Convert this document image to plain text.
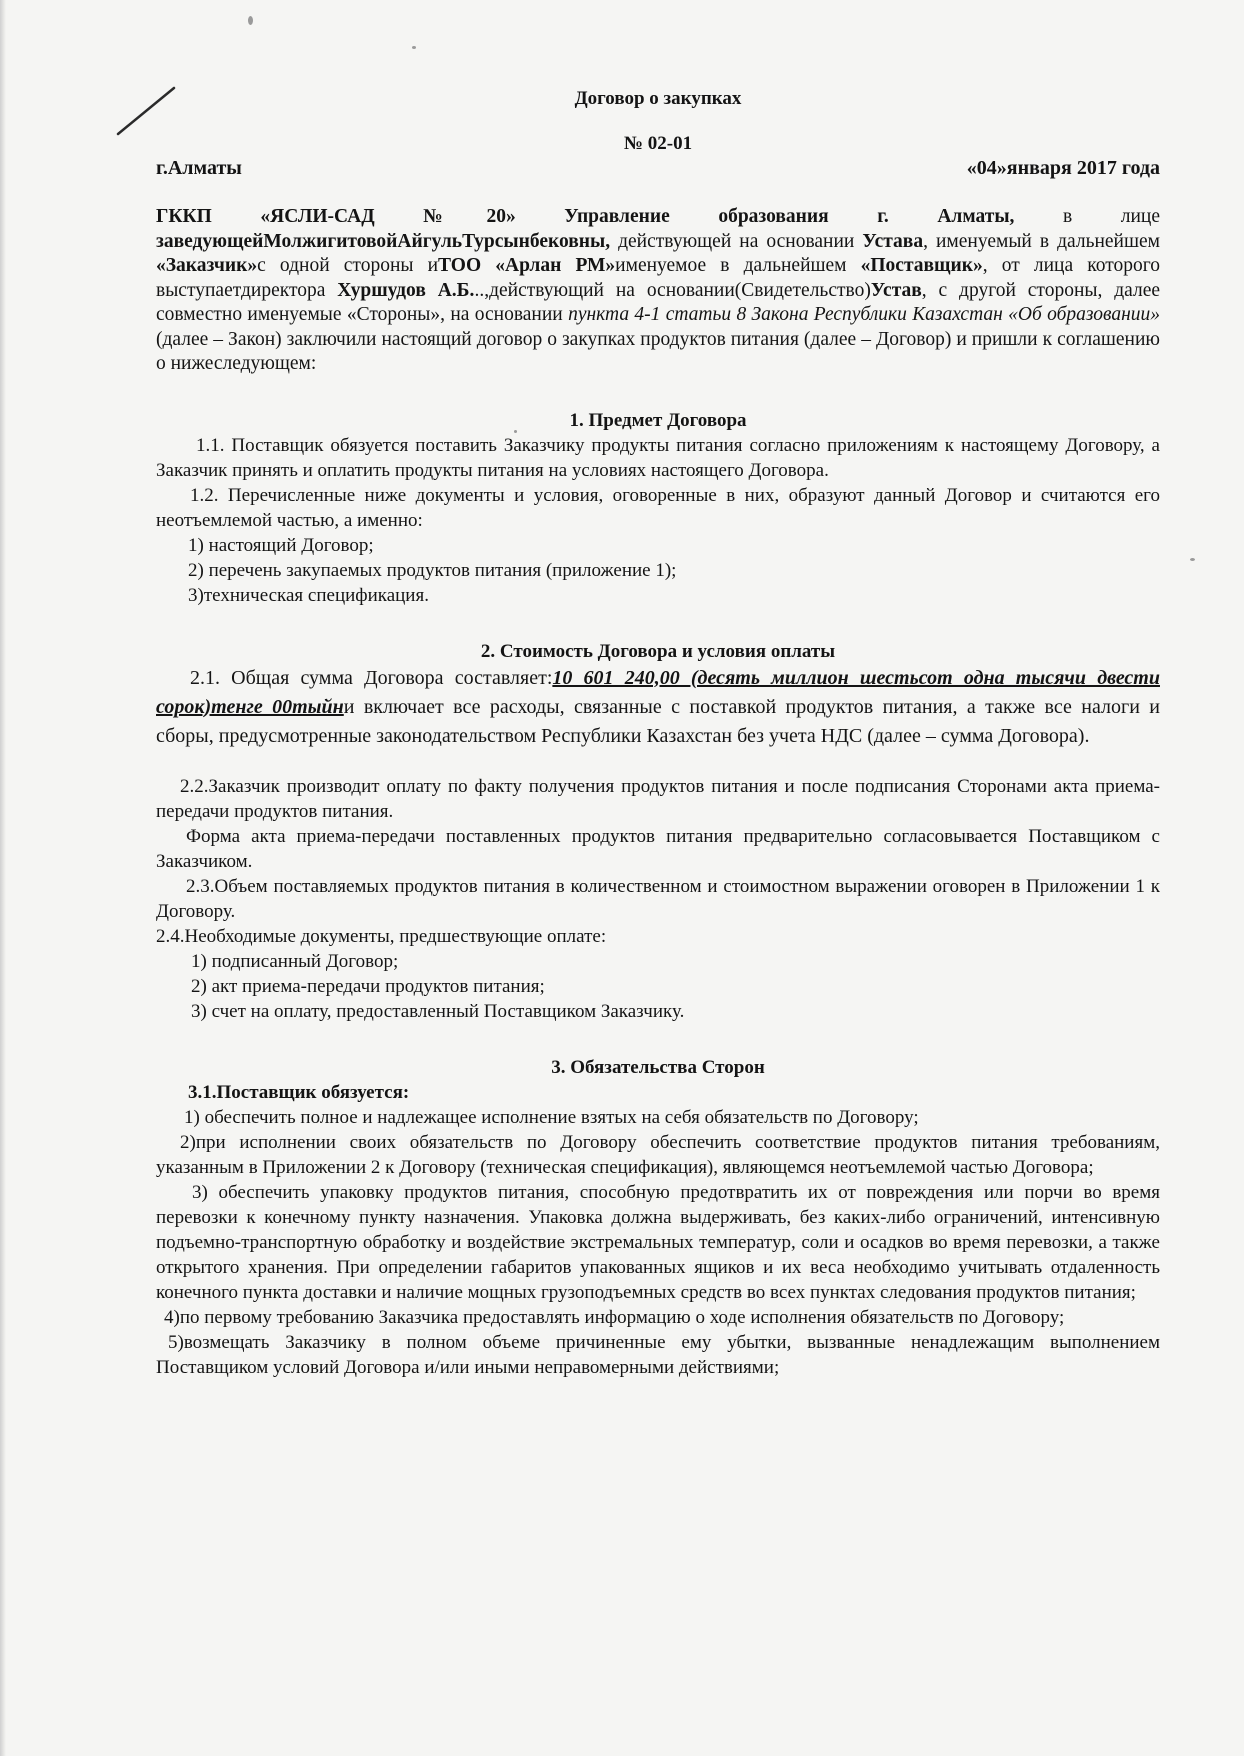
Договор о закупках
№ 02-01
г.Алматы	«04»января 2017 года

ГККП «ЯСЛИ-САД №20» Управление образования г. Алматы, в лице заведующейМолжигитовойАйгульТурсынбековны, действующей на основании Устава, именуемый в дальнейшем «Заказчик»с одной стороны иТОО «Арлан РМ»именуемое в дальнейшем «Поставщик», от лица которого выступаетдиректора Хуршудов А.Б...,действующий на основании(Свидетельство)Устав, с другой стороны, далее совместно именуемые «Стороны», на основании пункта 4-1 статьи 8 Закона Республики Казахстан «Об образовании» (далее – Закон) заключили настоящий договор о закупках продуктов питания (далее – Договор) и пришли к соглашению о нижеследующем:

1. Предмет Договора

1.1. Поставщик обязуется поставить Заказчику продукты питания согласно приложениям к настоящему Договору, а Заказчик принять и оплатить продукты питания на условиях настоящего Договора.

1.2. Перечисленные ниже документы и условия, оговоренные в них, образуют данный Договор и считаются его неотъемлемой частью, а именно:

1) настоящий Договор;

2) перечень закупаемых продуктов питания (приложение 1);

3)техническая спецификация.

2. Стоимость Договора и условия оплаты

2.1. Общая сумма Договора составляет:10 601 240,00 (десять миллион шестьсот одна тысячи двести сорок)тенге 00тыйни включает все расходы, связанные с поставкой продуктов питания, а также все налоги и сборы, предусмотренные законодательством Республики Казахстан без учета НДС (далее – сумма Договора).

2.2.Заказчик производит оплату по факту получения продуктов питания и после подписания Сторонами акта приема-передачи продуктов питания.

Форма акта приема-передачи поставленных продуктов питания предварительно согласовывается Поставщиком с Заказчиком.

2.3.Объем поставляемых продуктов питания в количественном и стоимостном выражении оговорен в Приложении 1 к Договору.

2.4.Необходимые документы, предшествующие оплате:

1) подписанный Договор;

2) акт приема-передачи продуктов питания;

3) счет на оплату, предоставленный Поставщиком Заказчику.

3. Обязательства Сторон

3.1.Поставщик обязуется:

1) обеспечить полное и надлежащее исполнение взятых на себя обязательств по Договору;

2)при исполнении своих обязательств по Договору обеспечить соответствие продуктов питания требованиям, указанным в Приложении 2 к Договору (техническая спецификация), являющемся неотъемлемой частью Договора;

3) обеспечить упаковку продуктов питания, способную предотвратить их от повреждения или порчи во время перевозки к конечному пункту назначения. Упаковка должна выдерживать, без каких-либо ограничений, интенсивную подъемно-транспортную обработку и воздействие экстремальных температур, соли и осадков во время перевозки, а также открытого хранения. При определении габаритов упакованных ящиков и их веса необходимо учитывать отдаленность конечного пункта доставки и наличие мощных грузоподъемных средств во всех пунктах следования продуктов питания;

4)по первому требованию Заказчика предоставлять информацию о ходе исполнения обязательств по Договору;

5)возмещать Заказчику в полном объеме причиненные ему убытки, вызванные ненадлежащим выполнением Поставщиком условий Договора и/или иными неправомерными действиями;
